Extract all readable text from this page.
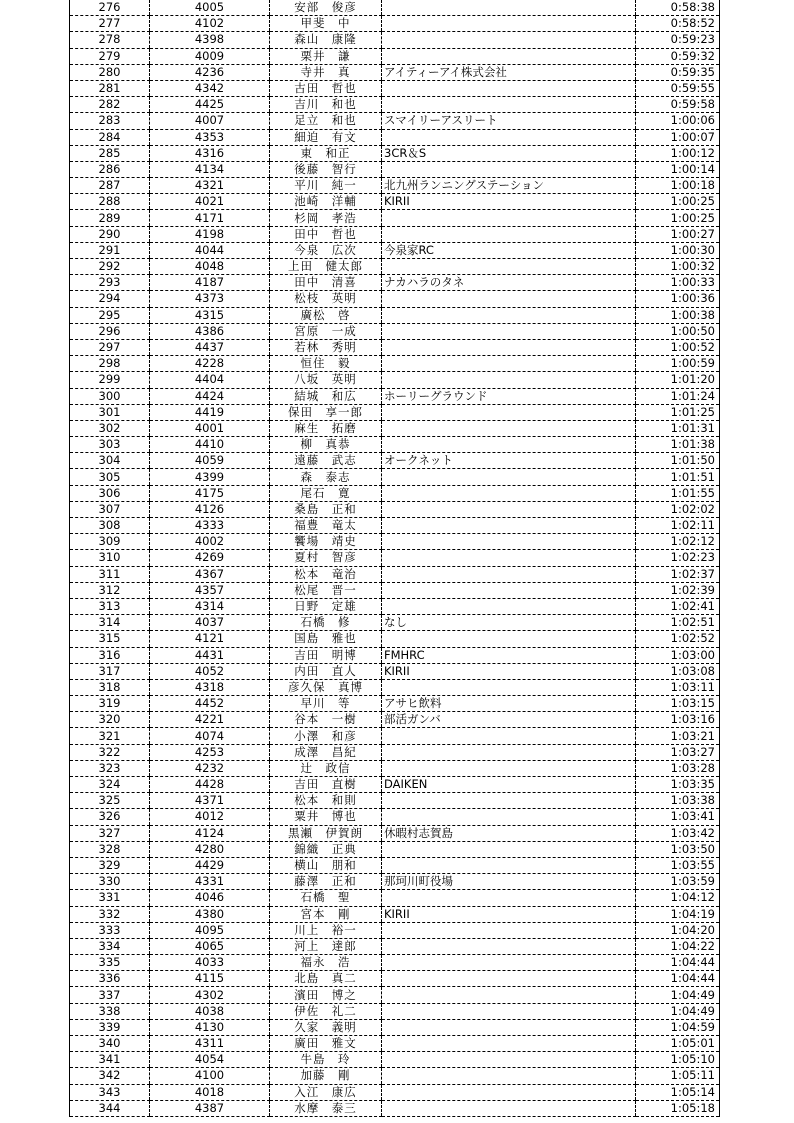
276	4005	安部　俊彦		0:58:38
277	4102	甲斐　中		0:58:52
278	4398	森山　康隆		0:59:23
279	4009	栗井　謙		0:59:32
280	4236	寺井　真	アイティーアイ株式会社	0:59:35
281	4342	古田　哲也		0:59:55
282	4425	吉川　和也		0:59:58
283	4007	足立　和也	スマイリーアスリート	1:00:06
284	4353	細迫　有文		1:00:07
285	4316	東　和正	3CR＆S	1:00:12
286	4134	後藤　智行		1:00:14
287	4321	平川　純一	北九州ランニングステーション	1:00:18
288	4021	池崎　洋輔	KIRII	1:00:25
289	4171	杉岡　孝浩		1:00:25
290	4198	田中　哲也		1:00:27
291	4044	今泉　広次	今泉家RC	1:00:30
292	4048	上田　健太郎		1:00:32
293	4187	田中　清喜	ナカハラのタネ	1:00:33
294	4373	松枝　英明		1:00:36
295	4315	廣松　啓		1:00:38
296	4386	宮原　一成		1:00:50
297	4437	若林　秀明		1:00:52
298	4228	恒住　毅		1:00:59
299	4404	八坂　英明		1:01:20
300	4424	結城　和広	ホーリーグラウンド	1:01:24
301	4419	保田　享一郎		1:01:25
302	4001	麻生　拓磨		1:01:31
303	4410	柳　真恭		1:01:38
304	4059	遠藤　武志	オークネット	1:01:50
305	4399	森　泰志		1:01:51
306	4175	尾石　寛		1:01:55
307	4126	桑島　正和		1:02:02
308	4333	福豊　竜太		1:02:11
309	4002	饗場　靖史		1:02:12
310	4269	夏村　智彦		1:02:23
311	4367	松本　竜治		1:02:37
312	4357	松尾　晋一		1:02:39
313	4314	日野　定雄		1:02:41
314	4037	石橋　修	なし	1:02:51
315	4121	国島　雅也		1:02:52
316	4431	吉田　明博	FMHRC	1:03:00
317	4052	内田　直人	KIRII	1:03:08
318	4318	彦久保　真博		1:03:11
319	4452	早川　等	アサヒ飲料	1:03:15
320	4221	谷本　一樹	部活ガンバ	1:03:16
321	4074	小澤　和彦		1:03:21
322	4253	成澤　昌紀		1:03:27
323	4232	辻　政信		1:03:28
324	4428	吉田　直樹	DAIKEN	1:03:35
325	4371	松本　和則		1:03:38
326	4012	粟井　博也		1:03:41
327	4124	黒瀬　伊賀朗	休暇村志賀島	1:03:42
328	4280	錦織　正典		1:03:50
329	4429	横山　朋和		1:03:55
330	4331	藤澤　正和	那珂川町役場	1:03:59
331	4046	石橋　聖		1:04:12
332	4380	宮本　剛	KIRII	1:04:19
333	4095	川上　裕一		1:04:20
334	4065	河上　達郎		1:04:22
335	4033	福永　浩		1:04:44
336	4115	北島　真二		1:04:44
337	4302	濱田　博之		1:04:49
338	4038	伊佐　礼二		1:04:49
339	4130	久家　義明		1:04:59
340	4311	廣田　雅文		1:05:01
341	4054	牛島　玲		1:05:10
342	4100	加藤　剛		1:05:11
343	4018	入江　康広		1:05:14
344	4387	水摩　泰三		1:05:18
